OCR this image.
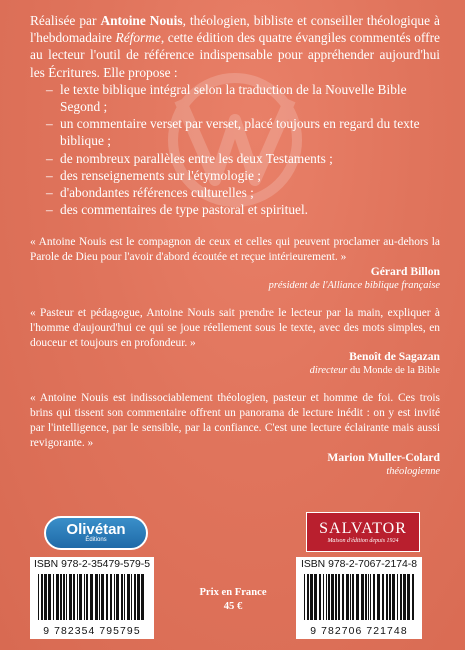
Réalisée par Antoine Nouis, théologien, bibliste et conseiller théologique à l'hebdomadaire Réforme, cette édition des quatre évangiles commentés offre au lecteur l'outil de référence indispensable pour appréhender aujourd'hui les Écritures. Elle propose :

– le texte biblique intégral selon la traduction de la Nouvelle Bible Segond ;
– un commentaire verset par verset, placé toujours en regard du texte biblique ;
– de nombreux parallèles entre les deux Testaments ;
– des renseignements sur l'étymologie ;
– d'abondantes références culturelles ;
– des commentaires de type pastoral et spirituel.

« Antoine Nouis est le compagnon de ceux et celles qui peuvent proclamer au-dehors la Parole de Dieu pour l'avoir d'abord écoutée et reçue intérieurement. »

Gérard Billon

président de l'Alliance biblique française

« Pasteur et pédagogue, Antoine Nouis sait prendre le lecteur par la main, expliquer à l'homme d'aujourd'hui ce qui se joue réellement sous le texte, avec des mots simples, en douceur et toujours en profondeur. »

Benoît de Sagazan

directeur du Monde de la Bible

« Antoine Nouis est indissociablement théologien, pasteur et homme de foi. Ces trois brins qui tissent son commentaire offrent un panorama de lecture inédit : on y est invité par l'intelligence, par le sensible, par la confiance. C'est une lecture éclairante mais aussi revigorante. »

Marion Muller-Colard

théologienne

Olivétan
Éditions
SALVATOR
Maison d'édition depuis 1924
ISBN 978-2-35479-579-5
9 782354 795795
Prix en France
45 €
ISBN 978-2-7067-2174-8
9 782706 721748
